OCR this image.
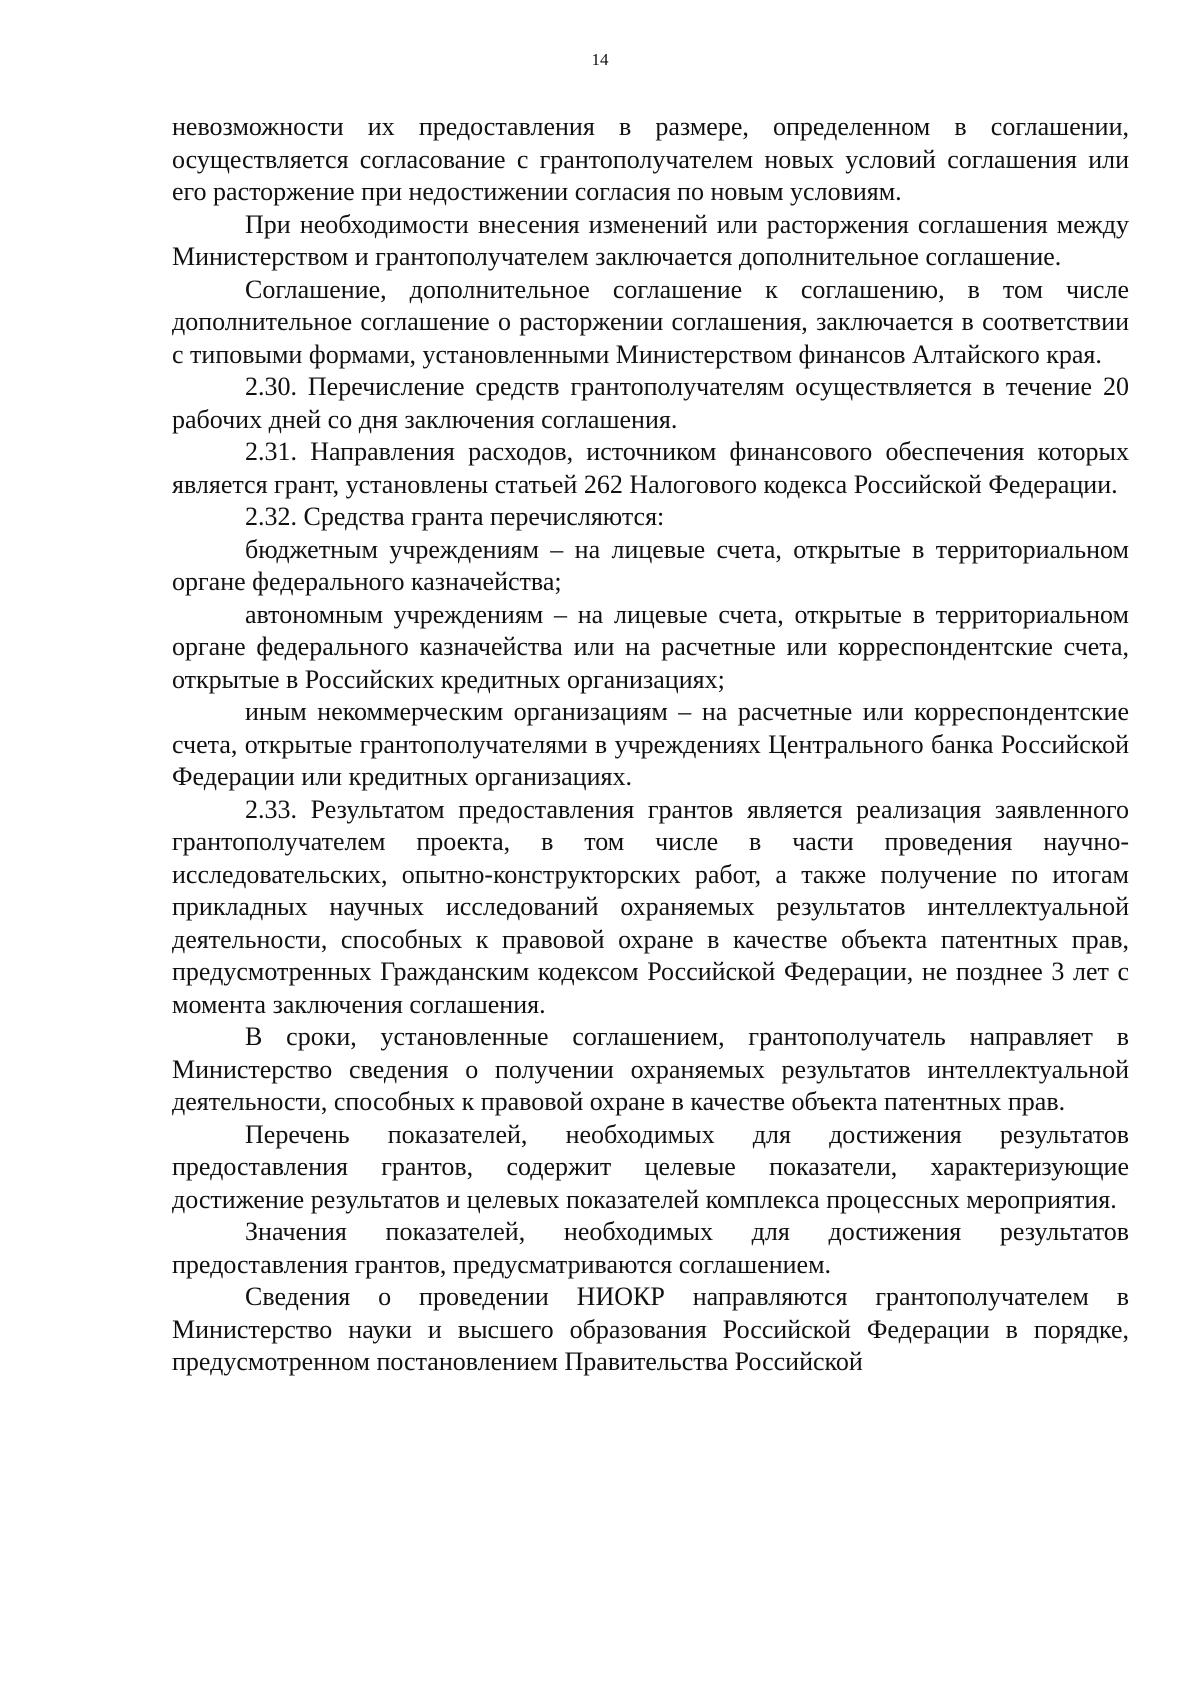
14

невозможности их предоставления в размере, определенном в соглашении, осуществляется согласование с грантополучателем новых условий соглашения или его расторжение при недостижении согласия по новым условиям.

При необходимости внесения изменений или расторжения соглашения между Министерством и грантополучателем заключается дополнительное соглашение.

Соглашение, дополнительное соглашение к соглашению, в том числе дополнительное соглашение о расторжении соглашения, заключается в соответствии с типовыми формами, установленными Министерством финансов Алтайского края.

2.30. Перечисление средств грантополучателям осуществляется в течение 20 рабочих дней со дня заключения соглашения.

2.31. Направления расходов, источником финансового обеспечения которых является грант, установлены статьей 262 Налогового кодекса Российской Федерации.

2.32. Средства гранта перечисляются:

бюджетным учреждениям – на лицевые счета, открытые в территориальном органе федерального казначейства;

автономным учреждениям – на лицевые счета, открытые в территориальном органе федерального казначейства или на расчетные или корреспондентские счета, открытые в Российских кредитных организациях;

иным некоммерческим организациям – на расчетные или корреспондентские счета, открытые грантополучателями в учреждениях Центрального банка Российской Федерации или кредитных организациях.

2.33. Результатом предоставления грантов является реализация заявленного грантополучателем проекта, в том числе в части проведения научно-исследовательских, опытно-конструкторских работ, а также получение по итогам прикладных научных исследований охраняемых результатов интеллектуальной деятельности, способных к правовой охране в качестве объекта патентных прав, предусмотренных Гражданским кодексом Российской Федерации, не позднее 3 лет с момента заключения соглашения.

В сроки, установленные соглашением, грантополучатель направляет в Министерство сведения о получении охраняемых результатов интеллектуальной деятельности, способных к правовой охране в качестве объекта патентных прав.

Перечень показателей, необходимых для достижения результатов предоставления грантов, содержит целевые показатели, характеризующие достижение результатов и целевых показателей комплекса процессных мероприятия.

Значения показателей, необходимых для достижения результатов предоставления грантов, предусматриваются соглашением.

Сведения о проведении НИОКР направляются грантополучателем в Министерство науки и высшего образования Российской Федерации в порядке, предусмотренном постановлением Правительства Российской
